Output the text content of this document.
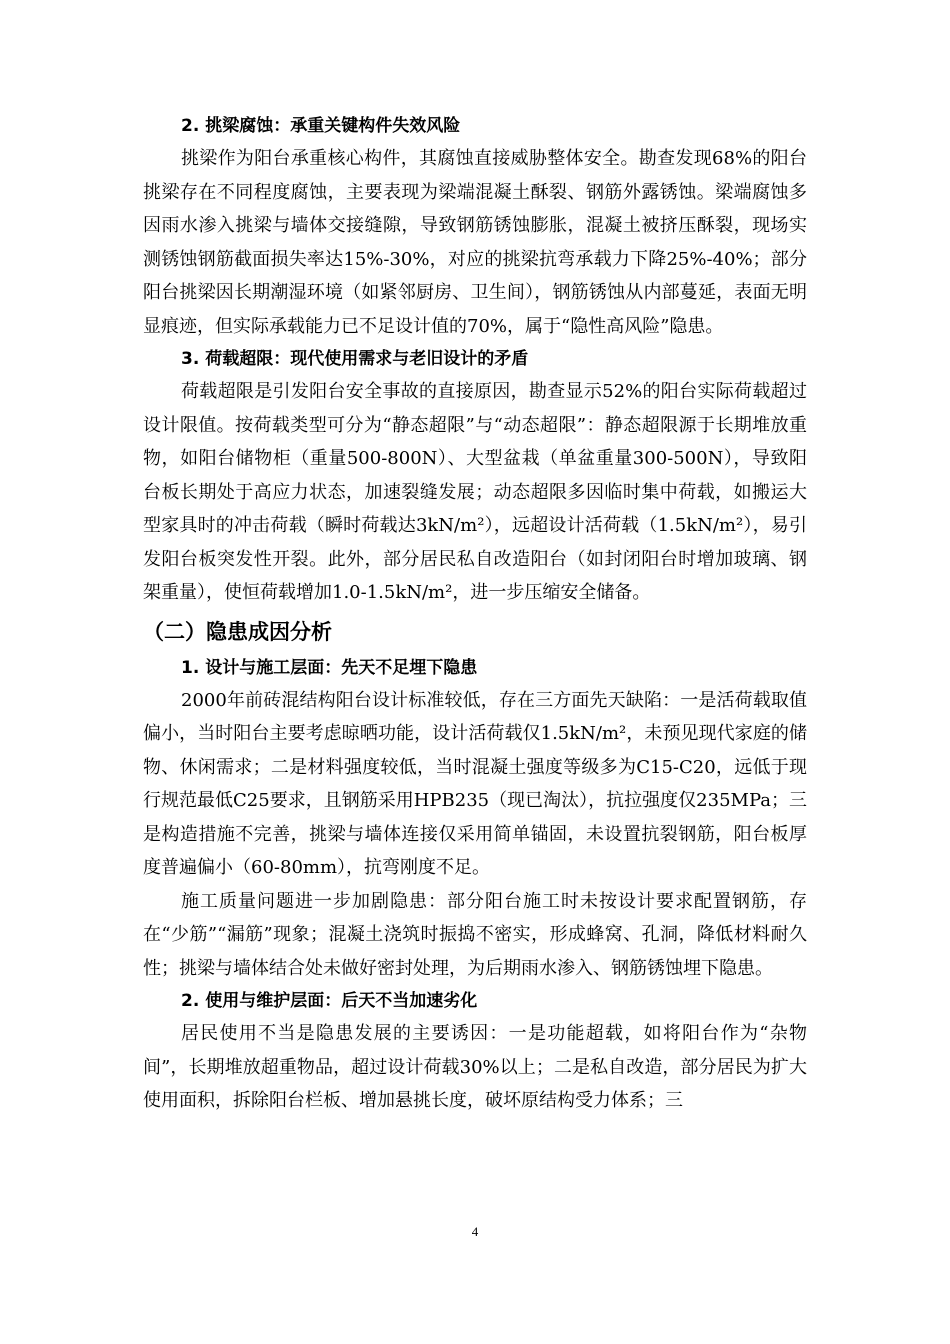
2. 挑梁腐蚀：承重关键构件失效风险

挑梁作为阳台承重核心构件，其腐蚀直接威胁整体安全。勘查发现68%的阳台挑梁存在不同程度腐蚀，主要表现为梁端混凝土酥裂、钢筋外露锈蚀。梁端腐蚀多因雨水渗入挑梁与墙体交接缝隙，导致钢筋锈蚀膨胀，混凝土被挤压酥裂，现场实测锈蚀钢筋截面损失率达15%-30%，对应的挑梁抗弯承载力下降25%-40%；部分阳台挑梁因长期潮湿环境（如紧邻厨房、卫生间），钢筋锈蚀从内部蔓延，表面无明显痕迹，但实际承载能力已不足设计值的70%，属于“隐性高风险”隐患。

3. 荷载超限：现代使用需求与老旧设计的矛盾

荷载超限是引发阳台安全事故的直接原因，勘查显示52%的阳台实际荷载超过设计限值。按荷载类型可分为“静态超限”与“动态超限”：静态超限源于长期堆放重物，如阳台储物柜（重量500-800N）、大型盆栽（单盆重量300-500N），导致阳台板长期处于高应力状态，加速裂缝发展；动态超限多因临时集中荷载，如搬运大型家具时的冲击荷载（瞬时荷载达3kN/m²），远超设计活荷载（1.5kN/m²），易引发阳台板突发性开裂。此外，部分居民私自改造阳台（如封闭阳台时增加玻璃、钢架重量），使恒荷载增加1.0-1.5kN/m²，进一步压缩安全储备。

（二）隐患成因分析

1. 设计与施工层面：先天不足埋下隐患

2000年前砖混结构阳台设计标准较低，存在三方面先天缺陷：一是活荷载取值偏小，当时阳台主要考虑晾晒功能，设计活荷载仅1.5kN/m²，未预见现代家庭的储物、休闲需求；二是材料强度较低，当时混凝土强度等级多为C15-C20，远低于现行规范最低C25要求，且钢筋采用HPB235（现已淘汰），抗拉强度仅235MPa；三是构造措施不完善，挑梁与墙体连接仅采用简单锚固，未设置抗裂钢筋，阳台板厚度普遍偏小（60-80mm），抗弯刚度不足。

施工质量问题进一步加剧隐患：部分阳台施工时未按设计要求配置钢筋，存在“少筋”“漏筋”现象；混凝土浇筑时振捣不密实，形成蜂窝、孔洞，降低材料耐久性；挑梁与墙体结合处未做好密封处理，为后期雨水渗入、钢筋锈蚀埋下隐患。

2. 使用与维护层面：后天不当加速劣化

居民使用不当是隐患发展的主要诱因：一是功能超载，如将阳台作为“杂物间”，长期堆放超重物品，超过设计荷载30%以上；二是私自改造，部分居民为扩大使用面积，拆除阳台栏板、增加悬挑长度，破坏原结构受力体系；三

4
